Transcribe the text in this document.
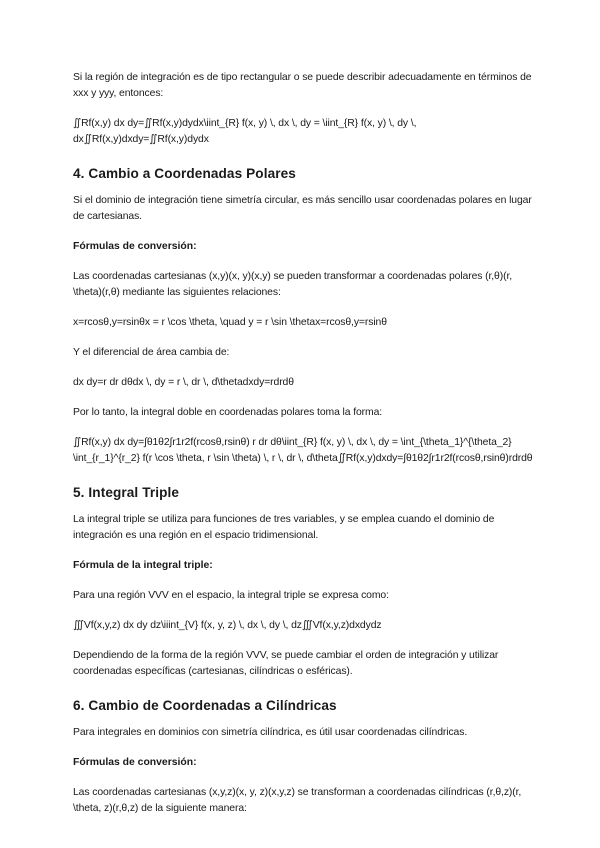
Si la región de integración es de tipo rectangular o se puede describir adecuadamente en términos de xxx y yyy, entonces:

∬Rf(x,y) dx dy=∬Rf(x,y)dydx\iint_{R} f(x, y) \, dx \, dy = \iint_{R} f(x, y) \, dy \, dx∬Rf(x,y)dxdy=∬Rf(x,y)dydx

4. Cambio a Coordenadas Polares

Si el dominio de integración tiene simetría circular, es más sencillo usar coordenadas polares en lugar de cartesianas.

Fórmulas de conversión:

Las coordenadas cartesianas (x,y)(x, y)(x,y) se pueden transformar a coordenadas polares (r,θ)(r, \theta)(r,θ) mediante las siguientes relaciones:

x=rcosθ,y=rsinθx = r \cos \theta, \quad y = r \sin \thetax=rcosθ,y=rsinθ

Y el diferencial de área cambia de:

dx dy=r dr dθdx \, dy = r \, dr \, d\thetadxdy=rdrdθ

Por lo tanto, la integral doble en coordenadas polares toma la forma:

∬Rf(x,y) dx dy=∫θ1θ2∫r1r2f(rcosθ,rsinθ) r dr dθ\iint_{R} f(x, y) \, dx \, dy = \int_{\theta_1}^{\theta_2} \int_{r_1}^{r_2} f(r \cos \theta, r \sin \theta) \, r \, dr \, d\theta∬Rf(x,y)dxdy=∫θ1θ2∫r1r2f(rcosθ,rsinθ)rdrdθ

5. Integral Triple

La integral triple se utiliza para funciones de tres variables, y se emplea cuando el dominio de integración es una región en el espacio tridimensional.

Fórmula de la integral triple:

Para una región VVV en el espacio, la integral triple se expresa como:

∭Vf(x,y,z) dx dy dz\iiint_{V} f(x, y, z) \, dx \, dy \, dz∭Vf(x,y,z)dxdydz

Dependiendo de la forma de la región VVV, se puede cambiar el orden de integración y utilizar coordenadas específicas (cartesianas, cilíndricas o esféricas).

6. Cambio de Coordenadas a Cilíndricas

Para integrales en dominios con simetría cilíndrica, es útil usar coordenadas cilíndricas.

Fórmulas de conversión:

Las coordenadas cartesianas (x,y,z)(x, y, z)(x,y,z) se transforman a coordenadas cilíndricas (r,θ,z)(r, \theta, z)(r,θ,z) de la siguiente manera:
